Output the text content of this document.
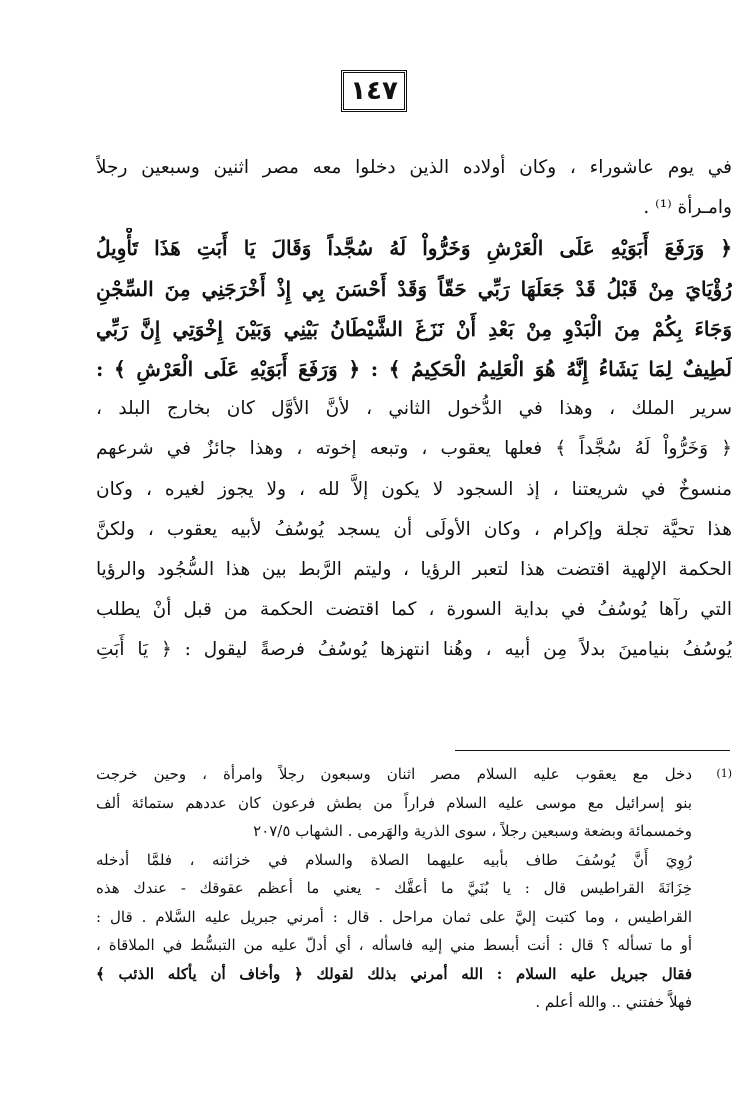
١٤٧
في يوم عاشوراء ، وكان أولاده الذين دخلوا معه مصر اثنين وسبعين رجلاً
وامـرأة ⁽¹⁾ .
﴿ وَرَفَعَ أَبَوَيْهِ عَلَى الْعَرْشِ وَخَرُّواْ لَهُ سُجَّداً وَقَالَ يَا أَبَتِ هَذَا تَأْوِيلُ
رُؤْيَايَ مِنْ قَبْلُ قَدْ جَعَلَهَا رَبِّي حَقّاً وَقَدْ أَحْسَنَ بِي إِذْ أَخْرَجَنِي مِنَ السِّجْنِ
وَجَاءَ بِكُمْ مِنَ الْبَدْوِ مِنْ بَعْدِ أَنْ نَزَغَ الشَّيْطَانُ بَيْنِي وَبَيْنَ إِخْوَتِي إِنَّ رَبِّي
لَطِيفٌ لِمَا يَشَاءُ إِنَّهُ هُوَ الْعَلِيمُ الْحَكِيمُ ﴾ : ﴿ وَرَفَعَ أَبَوَيْهِ عَلَى الْعَرْشِ ﴾ :
سرير الملك ، وهذا في الدُّخول الثاني ، لأنَّ الأوَّل كان بخارج البلد ،
﴿ وَخَرُّواْ لَهُ سُجَّداً ﴾ فعلها يعقوب ، وتبعه إخوته ، وهذا جائزٌ في شرعهم
منسوخٌ في شريعتنا ، إذ السجود لا يكون إلاَّ لله ، ولا يجوز لغيره ، وكان
هذا تحيَّة تجلة وإكرام ، وكان الأولَى أن يسجد يُوسُفُ لأبيه يعقوب ، ولكنَّ
الحكمة الإلهية اقتضت هذا لتعبر الرؤيا ، وليتم الرَّبط بين هذا السُّجُود والرؤيا
التي رآها يُوسُفُ في بداية السورة ، كما اقتضت الحكمة من قبل أنْ يطلب
يُوسُفُ بنيامينَ بدلاً مِن أبيه ، وهُنا انتهزها يُوسُفُ فرصةً ليقول : ﴿ يَا أَبَتِ
(1)
دخل مع يعقوب عليه السلام مصر اثنان وسبعون رجلاً وامرأة ، وحين خرجت
بنو إسرائيل مع موسى عليه السلام فراراً من بطش فرعون كان عددهم ستمائة ألف
وخمسمائة وبضعة وسبعين رجلاً ، سوى الذرية والهَرمى . الشهاب ٢٠٧/٥
رُوِيَ أَنَّ يُوسُفَ طاف بأبيه عليهما الصلاة والسلام في خزائنه ، فلمَّا أدخله
خِزَانَةَ القراطيس قال : يا بُنَيَّ ما أعقَّك - يعني ما أعظم عقوقك - عندك هذه
القراطيس ، وما كتبت إليَّ على ثمان مراحل . قال : أمرني جبريل عليه السَّلام . قال :
أو ما تسأله ؟ قال : أنت أبسط مني إليه فاسأله ، أي أدلّ عليه من التبسُّط في الملاقاة ،
فقال جبريل عليه السلام : الله أمرني بذلك لقولك ﴿ وأخاف أن يأكله الذئب ﴾
فهلاَّ خفتني .. والله أعلم .
